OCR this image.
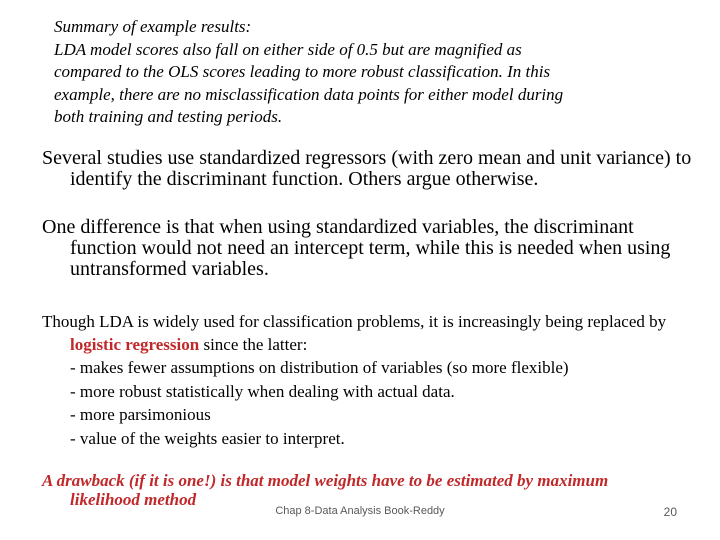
Summary of example results:
LDA model scores also fall on either side of 0.5 but are magnified as
compared to the OLS scores leading to more robust classification. In this
example, there are no misclassification data points for either model during
both training and testing periods.

Several studies use standardized regressors (with zero mean and unit variance) to identify the discriminant function. Others argue otherwise.

One difference is that when using standardized variables, the discriminant function would not need an intercept term, while this is needed when using untransformed variables.

Though LDA is widely used for classification problems, it is increasingly being replaced by logistic regression since the latter:

- makes fewer assumptions on distribution of variables (so more flexible)
- more robust statistically when dealing with actual data.
- more parsimonious
- value of the weights easier to interpret.
A drawback (if it is one!) is that model weights have to be estimated by maximum likelihood method
Chap 8-Data Analysis Book-Reddy	20
